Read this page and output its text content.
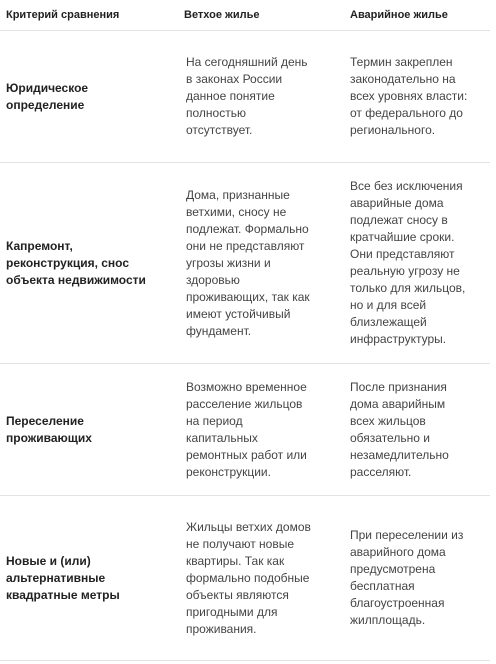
Критерий сравнения	Ветхое жилье	Аварийное жилье
Юридическое определение	На сегодняшний день в законах России данное понятие полностью отсутствует.	Термин закреплен законодательно на всех уровнях власти: от федерального до регионального.

Капремонт, реконструкция, снос объекта недвижимости	Дома, признанные ветхими, сносу не подлежат. Формально они не представляют угрозы жизни и здоровью проживающих, так как имеют устойчивый фундамент.	Все без исключения аварийные дома подлежат сносу в кратчайшие сроки. Они представляют реальную угрозу не только для жильцов, но и для всей близлежащей инфраструктуры.

Переселение проживающих	Возможно временное расселение жильцов на период капитальных ремонтных работ или реконструкции.	После признания дома аварийным всех жильцов обязательно и незамедлительно расселяют.

Новые и (или) альтернативные квадратные метры	Жильцы ветхих домов не получают новые квартиры. Так как формально подобные объекты являются пригодными для проживания.	При переселении из аварийного дома предусмотрена бесплатная благоустроенная жилплощадь.
